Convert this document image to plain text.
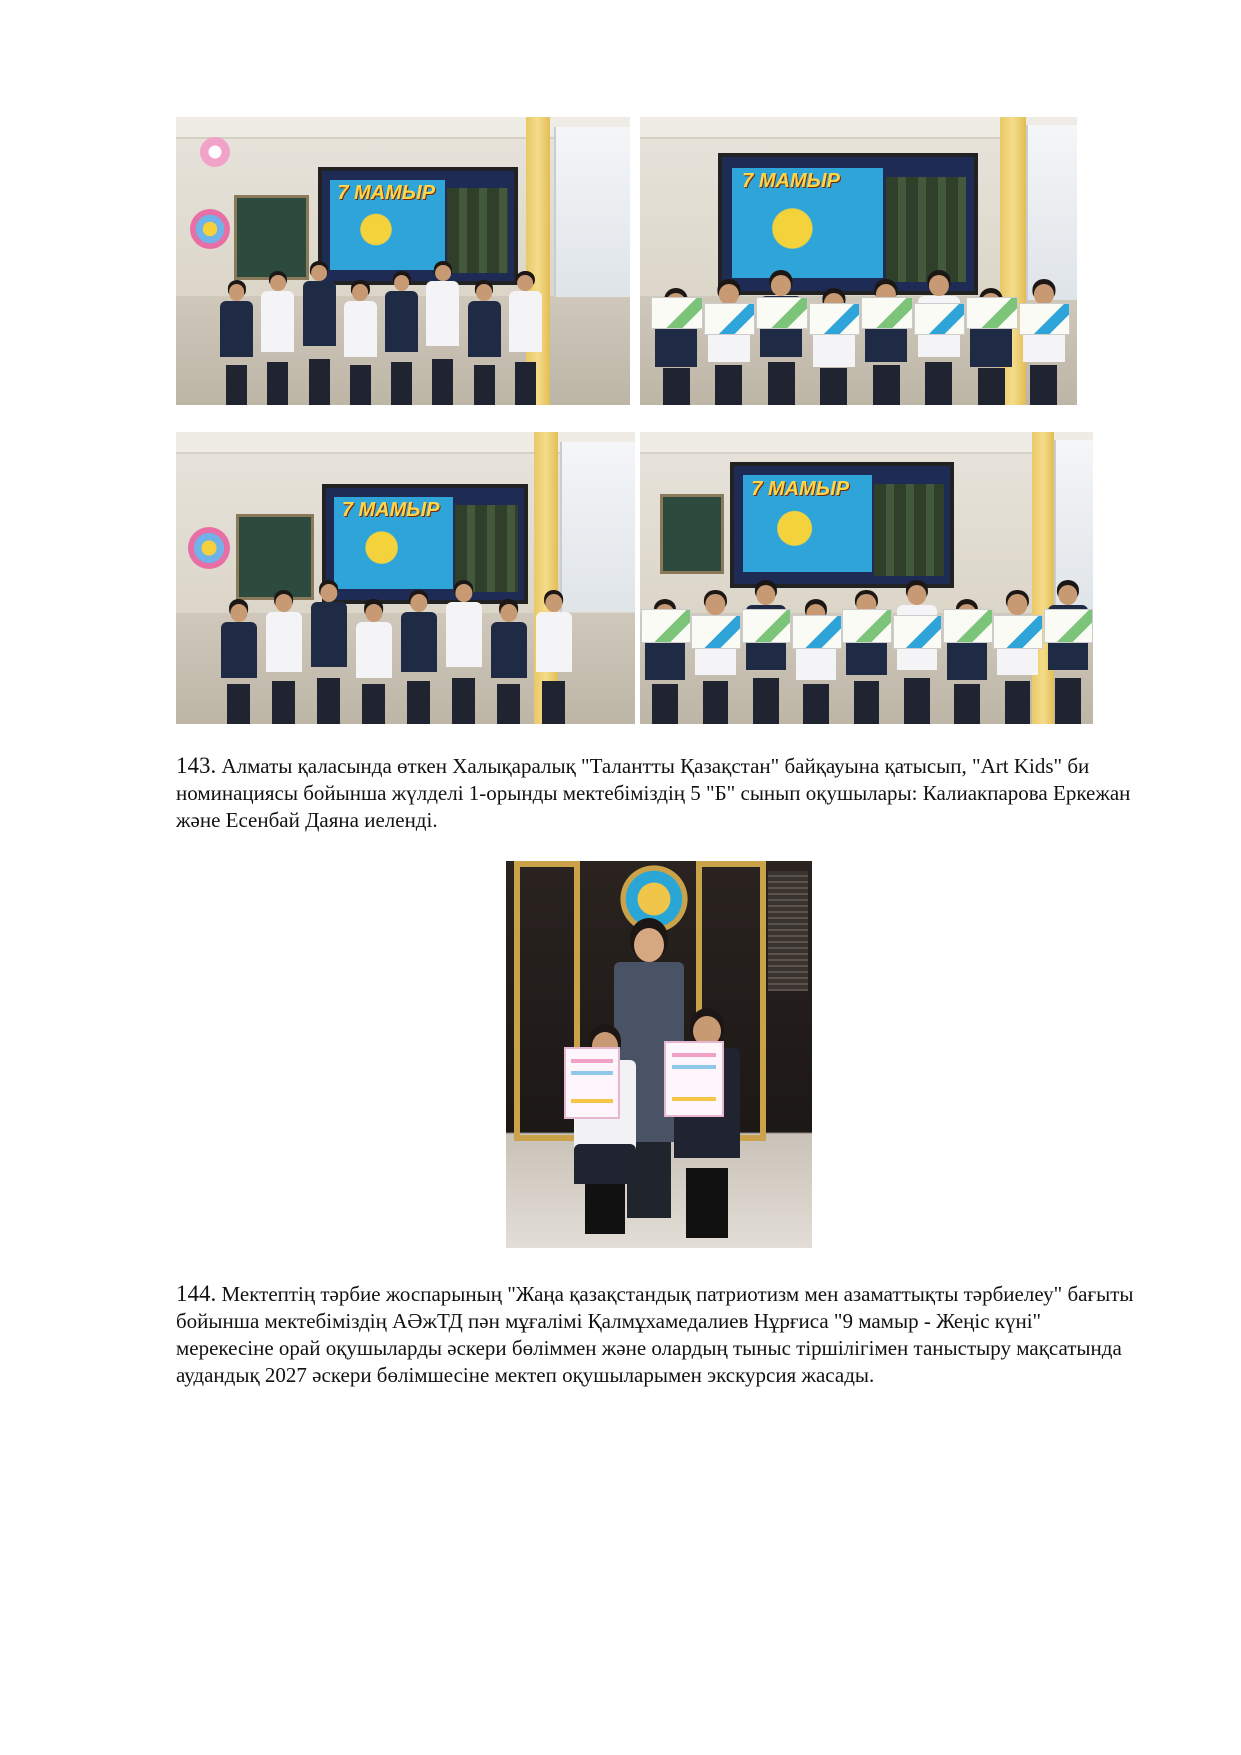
7 МАМЫР
7 МАМЫР
7 МАМЫР
7 МАМЫР

143. Алматы қаласында өткен Халықаралық "Талантты Қазақстан" байқауына қатысып, "Art Kids" би номинациясы бойынша жүлделі 1-орынды мектебіміздің 5 "Б" сынып оқушылары: Калиакпарова Еркежан және Есенбай Даяна иеленді.

144. Мектептің тәрбие жоспарының "Жаңа қазақстандық патриотизм мен азаматтықты тәрбиелеу" бағыты бойынша мектебіміздің АӘжТД пән мұғалімі Қалмұхамедалиев Нұрғиса "9 мамыр - Жеңіс күні" мерекесіне орай оқушыларды әскери бөліммен және олардың тыныс тіршілігімен таныстыру мақсатында аудандық 2027 әскери бөлімшесіне мектеп оқушыларымен экскурсия жасады.
